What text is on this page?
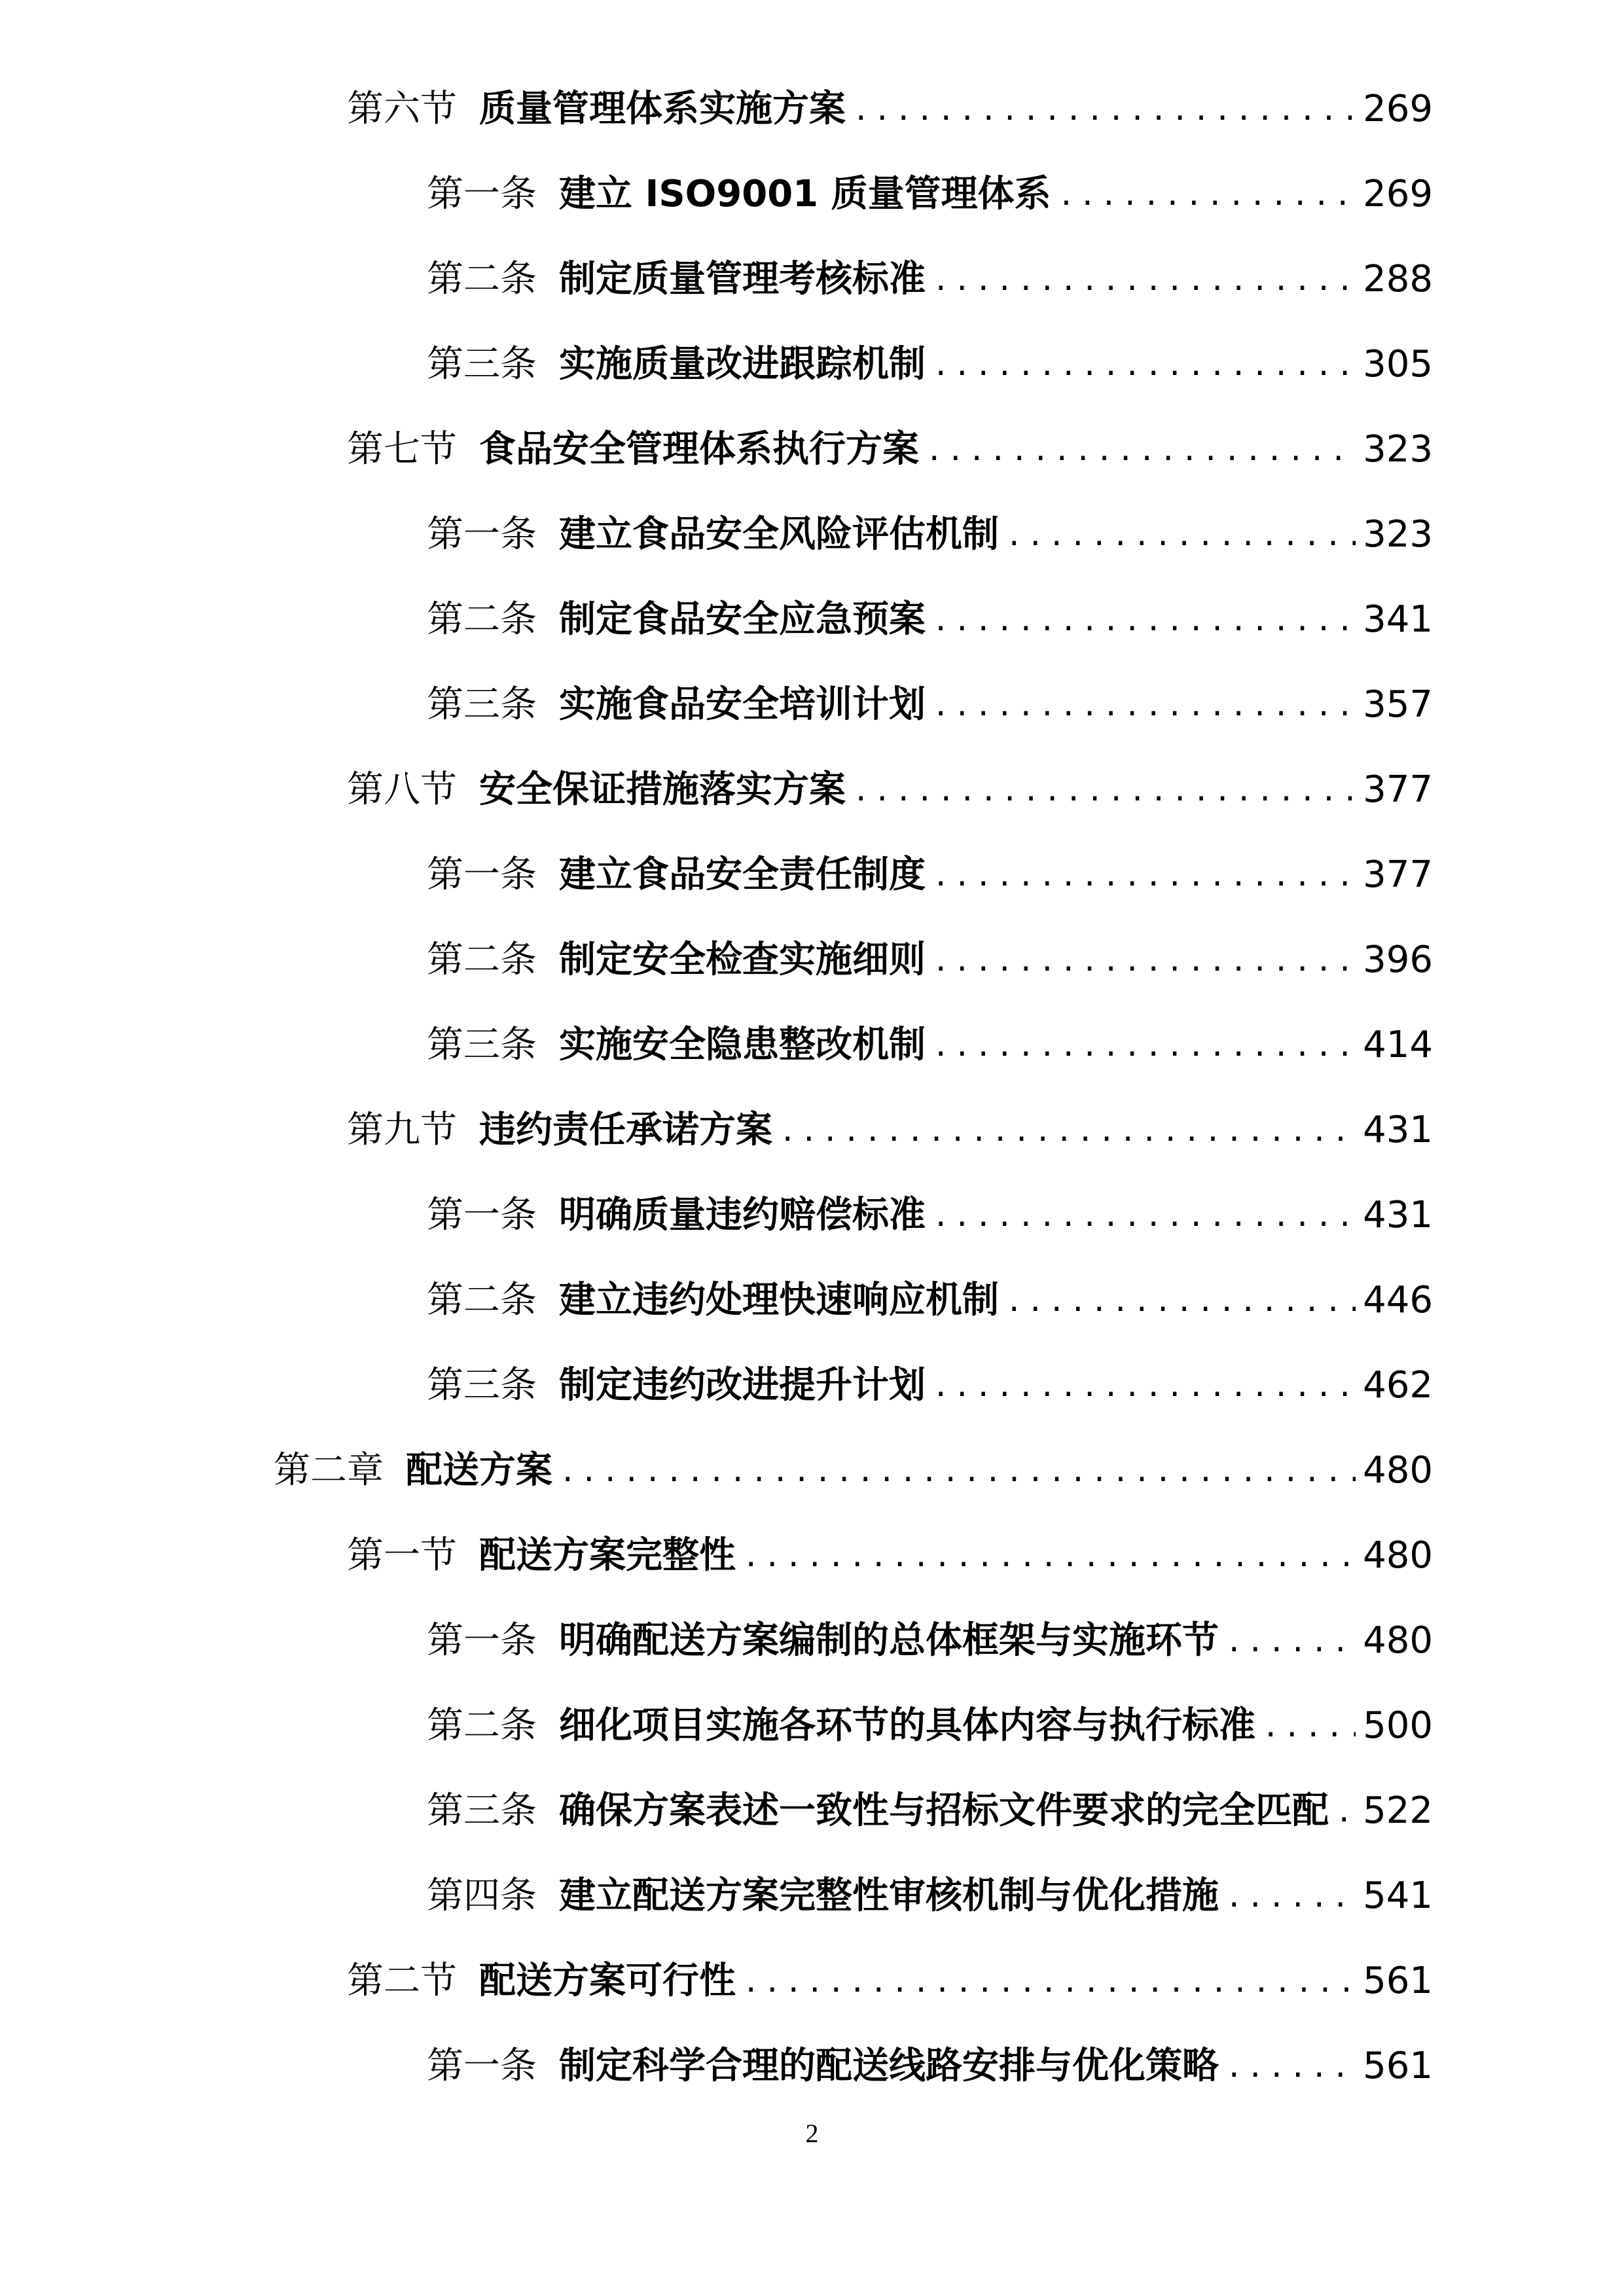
第六节 质量管理体系实施方案 .....	269
第一条 建立 ISO9001 质量管理体系 .....	269
第二条 制定质量管理考核标准 .....	288
第三条 实施质量改进跟踪机制 .....	305
第七节 食品安全管理体系执行方案 .....	323
第一条 建立食品安全风险评估机制 .....	323
第二条 制定食品安全应急预案 .....	341
第三条 实施食品安全培训计划 .....	357
第八节 安全保证措施落实方案 .....	377
第一条 建立食品安全责任制度 .....	377
第二条 制定安全检查实施细则 .....	396
第三条 实施安全隐患整改机制 .....	414
第九节 违约责任承诺方案 .....	431
第一条 明确质量违约赔偿标准 .....	431
第二条 建立违约处理快速响应机制 .....	446
第三条 制定违约改进提升计划 .....	462
第二章 配送方案 .....	480
第一节 配送方案完整性 .....	480
第一条 明确配送方案编制的总体框架与实施环节 .....	480
第二条 细化项目实施各环节的具体内容与执行标准 .....	500
第三条 确保方案表述一致性与招标文件要求的完全匹配 ..... 522
第四条 建立配送方案完整性审核机制与优化措施 .....	541
第二节 配送方案可行性 .....	561
第一条 制定科学合理的配送线路安排与优化策略 .....	561
2
